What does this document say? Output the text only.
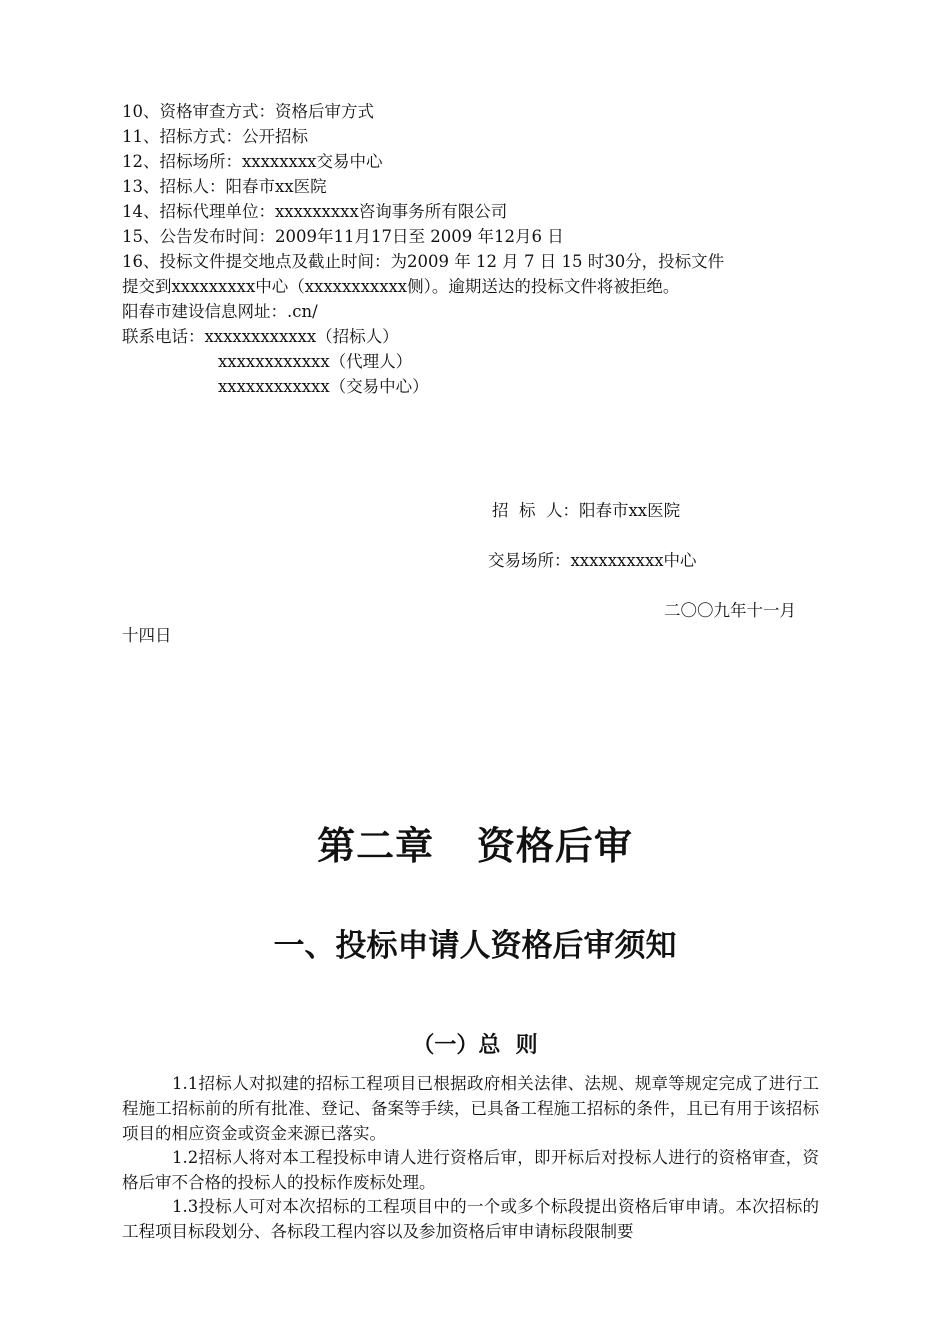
10、资格审查方式：资格后审方式
11、招标方式：公开招标
12、招标场所：xxxxxxxx交易中心
13、招标人：阳春市xx医院
14、招标代理单位：xxxxxxxxx咨询事务所有限公司
15、公告发布时间：2009年11月17日至 2009 年12月6 日
16、投标文件提交地点及截止时间：为2009 年 12 月 7 日 15 时30分，投标文件
提交到xxxxxxxxx中心（xxxxxxxxxxx侧）。逾期送达的投标文件将被拒绝。
阳春市建设信息网址：.cn/
联系电话：xxxxxxxxxxxx（招标人）
xxxxxxxxxxxx（代理人）
xxxxxxxxxxxx（交易中心）
招  标  人：阳春市xx医院
交易场所：xxxxxxxxxx中心
二〇〇九年十一月
十四日
第二章   资格后审
一、投标申请人资格后审须知
（一）总  则

1.1招标人对拟建的招标工程项目已根据政府相关法律、法规、规章等规定完成了进行工程施工招标前的所有批准、登记、备案等手续，已具备工程施工招标的条件，且已有用于该招标项目的相应资金或资金来源已落实。

1.2招标人将对本工程投标申请人进行资格后审，即开标后对投标人进行的资格审查，资格后审不合格的投标人的投标作废标处理。

1.3投标人可对本次招标的工程项目中的一个或多个标段提出资格后审申请。本次招标的工程项目标段划分、各标段工程内容以及参加资格后审申请标段限制要
